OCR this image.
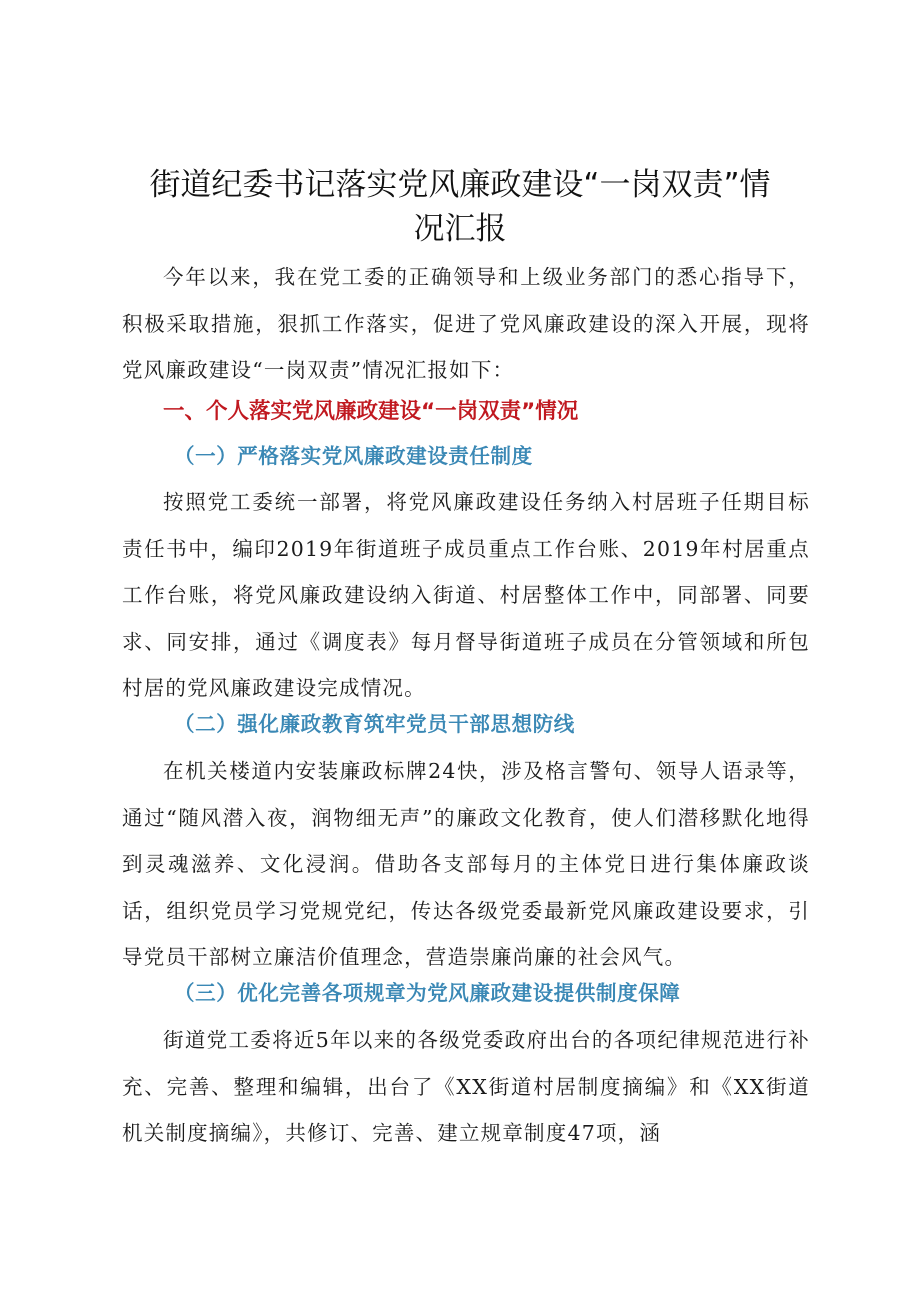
街道纪委书记落实党风廉政建设“一岗双责”情
况汇报

今年以来，我在党工委的正确领导和上级业务部门的悉心指导下，积极采取措施，狠抓工作落实，促进了党风廉政建设的深入开展，现将党风廉政建设“一岗双责”情况汇报如下：

一、个人落实党风廉政建设“一岗双责”情况
（一）严格落实党风廉政建设责任制度

按照党工委统一部署，将党风廉政建设任务纳入村居班子任期目标责任书中，编印2019年街道班子成员重点工作台账、2019年村居重点工作台账，将党风廉政建设纳入街道、村居整体工作中，同部署、同要求、同安排，通过《调度表》每月督导街道班子成员在分管领域和所包村居的党风廉政建设完成情况。

（二）强化廉政教育筑牢党员干部思想防线

在机关楼道内安装廉政标牌24快，涉及格言警句、领导人语录等，通过“随风潜入夜，润物细无声”的廉政文化教育，使人们潜移默化地得到灵魂滋养、文化浸润。借助各支部每月的主体党日进行集体廉政谈话，组织党员学习党规党纪，传达各级党委最新党风廉政建设要求，引导党员干部树立廉洁价值理念，营造崇廉尚廉的社会风气。

（三）优化完善各项规章为党风廉政建设提供制度保障

街道党工委将近5年以来的各级党委政府出台的各项纪律规范进行补充、完善、整理和编辑，出台了《XX街道村居制度摘编》和《XX街道机关制度摘编》，共修订、完善、建立规章制度47项，涵
